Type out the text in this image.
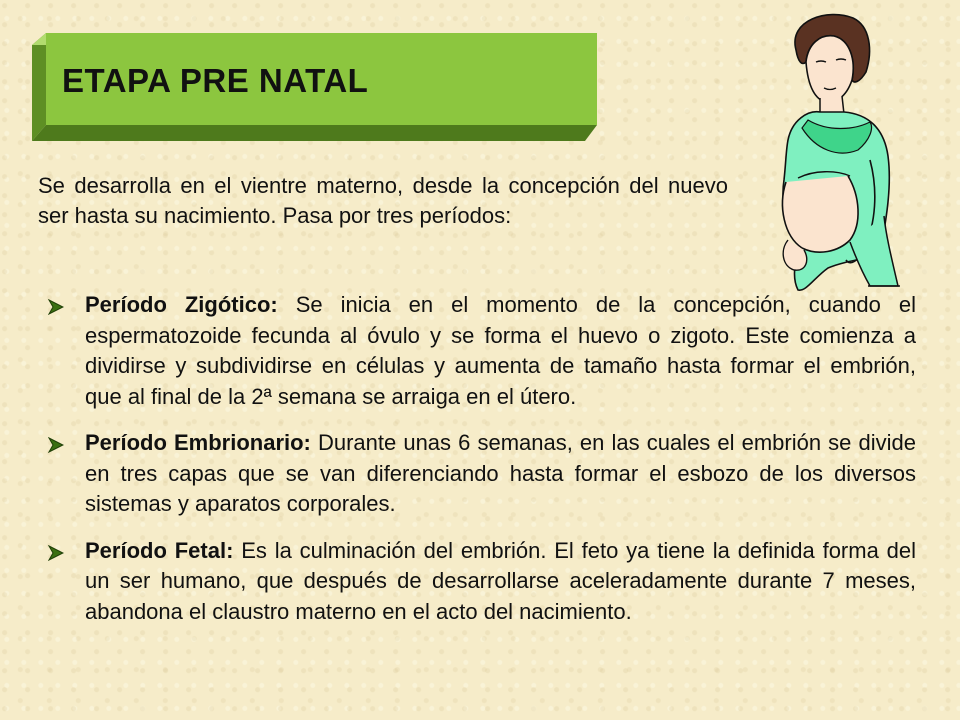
ETAPA PRE NATAL
Se desarrolla en el vientre materno, desde la concepción del nuevo ser hasta su nacimiento. Pasa por tres períodos:
Período Zigótico: Se inicia en el momento de la concepción, cuando el espermatozoide fecunda al óvulo y se forma el huevo o zigoto. Este comienza a dividirse y subdividirse en células y aumenta de tamaño hasta formar el embrión, que al final de la 2ª semana se arraiga en el útero.
Período Embrionario: Durante unas 6 semanas, en las cuales el embrión se divide en tres capas que se van diferenciando hasta formar el esbozo de los diversos sistemas y aparatos corporales.
Período Fetal: Es la culminación del embrión. El feto ya tiene la definida forma del un ser humano, que después de desarrollarse aceleradamente durante 7 meses, abandona el claustro materno en el acto del nacimiento.
